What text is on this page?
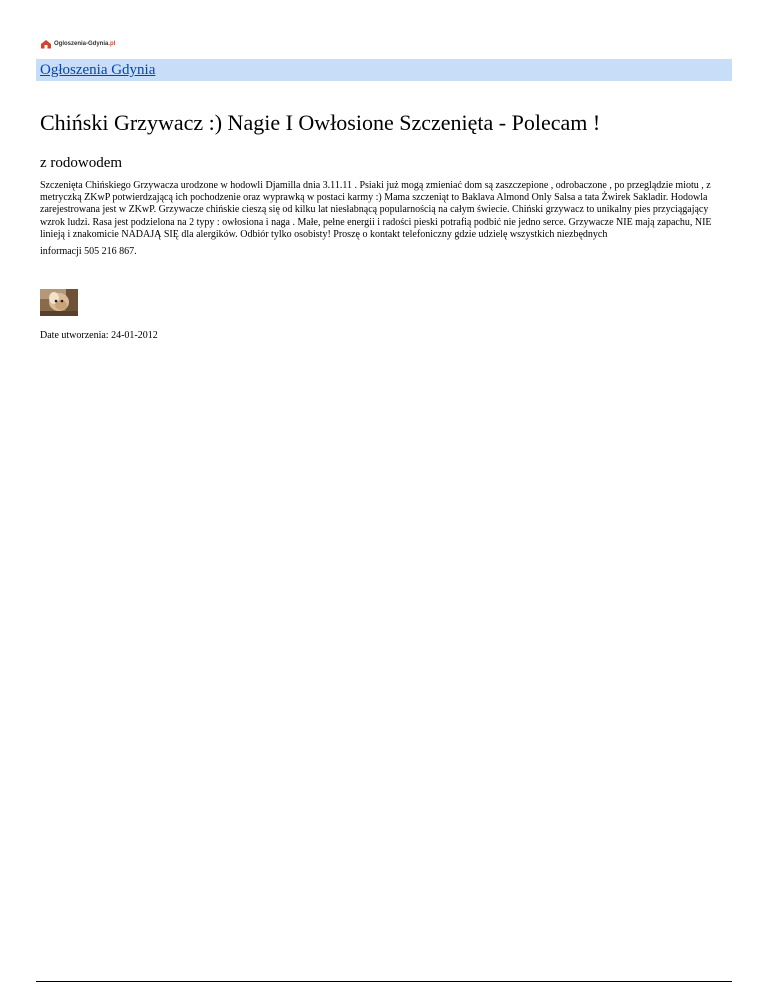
Ogloszenia-Gdynia.pl
Ogłoszenia Gdynia
Chiński Grzywacz :) Nagie I Owłosione Szczenięta - Polecam !
z rodowodem

Szczenięta Chińskiego Grzywacza urodzone w hodowli Djamilla dnia 3.11.11 . Psiaki już mogą zmieniać dom są zaszczepione , odrobaczone , po przeglądzie miotu , z metryczką ZKwP potwierdzającą ich pochodzenie oraz wyprawką w postaci karmy :) Mama szczeniąt to Baklava Almond Only Salsa a tata Żwirek Sakladir. Hodowla zarejestrowana jest w ZKwP. Grzywacze chińskie cieszą się od kilku lat niesłabnącą popularnością na całym świecie. Chiński grzywacz to unikalny pies przyciągający wzrok ludzi. Rasa jest podzielona na 2 typy : owłosiona i naga . Małe, pełne energii i radości pieski potrafią podbić nie jedno serce. Grzywacze NIE mają zapachu, NIE linieją i znakomicie NADAJĄ SIĘ dla alergików. Odbiór tylko osobisty! Proszę o kontakt telefoniczny gdzie udzielę wszystkich niezbędnych
informacji 505 216 867.

Date utworzenia: 24-01-2012
